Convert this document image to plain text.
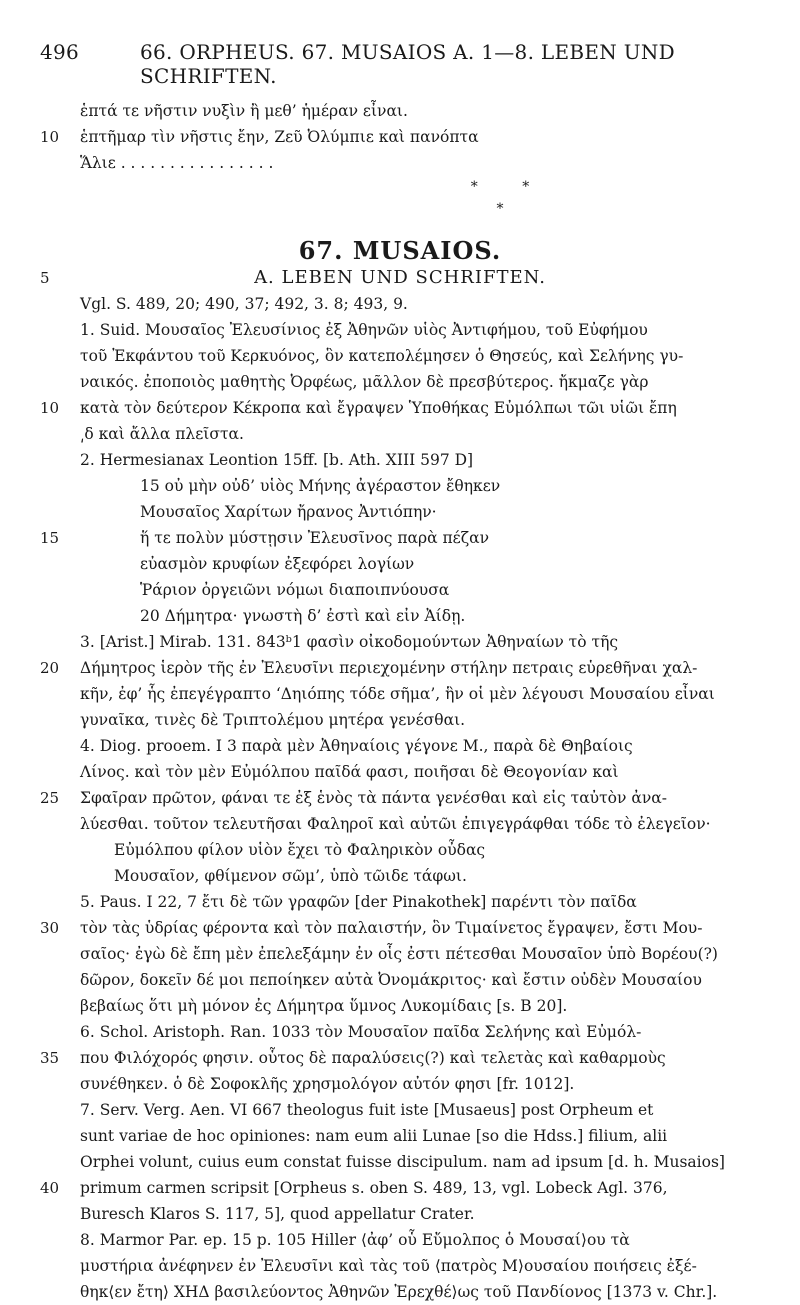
496	66. ORPHEUS. 67. MUSAIOS A. 1—8. LEBEN UND SCHRIFTEN.
ἑπτά τε νῆστιν νυξὶν ἢ μεθ’ ἡμέραν εἶναι.
10	ἑπτῆμαρ τὶν νῆστις ἔην, Ζεῦ Ὀλύμπιε καὶ πανόπτα
Ἅλιε . . . . . . . . . . . . . . . .
*          *
*
67. MUSAIOS.
5	A. LEBEN UND SCHRIFTEN.
Vgl. S. 489, 20; 490, 37; 492, 3. 8; 493, 9.
1. Suid. Μουσαῖος Ἐλευσίνιος ἐξ Ἀθηνῶν υἱὸς Ἀντιφήμου, τοῦ Εὐφήμου
τοῦ Ἐκφάντου τοῦ Κερκυόνος, ὃν κατεπολέμησεν ὁ Θησεύς, καὶ Σελήνης γυ-
ναικός. ἐποποιὸς μαθητὴς Ὀρφέως, μᾶλλον δὲ πρεσβύτερος. ἤκμαζε γὰρ
10	κατὰ τὸν δεύτερον Κέκροπα καὶ ἔγραψεν Ὑποθήκας Εὐμόλπωι τῶι υἱῶι ἔπη
͵δ καὶ ἄλλα πλεῖστα.
2. Hermesianax Leontion 15ff. [b. Ath. XIII 597 D]
15 οὐ μὴν οὐδ’ υἱὸς Μήνης ἀγέραστον ἔθηκεν
Μουσαῖος Χαρίτων ἤρανος Ἀντιόπην·
15	ἥ τε πολὺν μύστῃσιν Ἐλευσῖνος παρὰ πέζαν
εὐασμὸν κρυφίων ἐξεφόρει λογίων
Ῥάριον ὀργειῶνι νόμωι διαποιπνύουσα
20 Δήμητρα· γνωστὴ δ’ ἐστὶ καὶ εἰν Ἀίδῃ.
3. [Arist.] Mirab. 131. 843ᵇ1 φασὶν οἰκοδομούντων Ἀθηναίων τὸ τῆς
20	Δήμητρος ἱερὸν τῆς ἐν Ἐλευσῖνι περιεχομένην στήλην πετραις εὑρεθῆναι χαλ-
κῆν, ἐφ’ ἧς ἐπεγέγραπτο ‘Δηιόπης τόδε σῆμα’, ἣν οἱ μὲν λέγουσι Μουσαίου εἶναι
γυναῖκα, τινὲς δὲ Τριπτολέμου μητέρα γενέσθαι.
4. Diog. prooem. I 3 παρὰ μὲν Ἀθηναίοις γέγονε M., παρὰ δὲ Θηβαίοις
Λίνος. καὶ τὸν μὲν Εὐμόλπου παῖδά φασι, ποιῆσαι δὲ Θεογονίαν καὶ
25	Σφαῖραν πρῶτον, φάναι τε ἐξ ἑνὸς τὰ πάντα γενέσθαι καὶ εἰς ταὐτὸν ἀνα-
λύεσθαι. τοῦτον τελευτῆσαι Φαληροῖ καὶ αὐτῶι ἐπιγεγράφθαι τόδε τὸ ἐλεγεῖον·
Εὐμόλπου φίλον υἱὸν ἔχει τὸ Φαληρικὸν οὖδας
Μουσαῖον, φθίμενον σῶμ’, ὑπὸ τῶιδε τάφωι.
5. Paus. I 22, 7 ἔτι δὲ τῶν γραφῶν [der Pinakothek] παρέντι τὸν παῖδα
30	τὸν τὰς ὑδρίας φέροντα καὶ τὸν παλαιστήν, ὃν Τιμαίνετος ἔγραψεν, ἔστι Μου-
σαῖος· ἐγὼ δὲ ἔπη μὲν ἐπελεξάμην ἐν οἷς ἐστι πέτεσθαι Μουσαῖον ὑπὸ Βορέου(?)
δῶρον, δοκεῖν δέ μοι πεποίηκεν αὐτὰ Ὀνομάκριτος· καὶ ἔστιν οὐδὲν Μουσαίου
βεβαίως ὅτι μὴ μόνον ἐς Δήμητρα ὕμνος Λυκομίδαις [s. B 20].
6. Schol. Aristoph. Ran. 1033 τὸν Μουσαῖον παῖδα Σελήνης καὶ Εὐμόλ-
35	που Φιλόχορός φησιν. οὗτος δὲ παραλύσεις(?) καὶ τελετὰς καὶ καθαρμοὺς
συνέθηκεν. ὁ δὲ Σοφοκλῆς χρησμολόγον αὐτόν φησι [fr. 1012].
7. Serv. Verg. Aen. VI 667 theologus fuit iste [Musaeus] post Orpheum et
sunt variae de hoc opiniones: nam eum alii Lunae [so die Hdss.] filium, alii
Orphei volunt, cuius eum constat fuisse discipulum. nam ad ipsum [d. h. Musaios]
40	primum carmen scripsit [Orpheus s. oben S. 489, 13, vgl. Lobeck Agl. 376,
Buresch Klaros S. 117, 5], quod appellatur Crater.
8. Marmor Par. ep. 15 p. 105 Hiller ⟨ἀφ’ οὗ Εὔμολπος ὁ Μουσαί⟩ου τὰ
μυστήρια ἀνέφηνεν ἐν Ἐλευσῖνι καὶ τὰς τοῦ ⟨πατρὸς Μ⟩ουσαίου ποιήσεις ἐξέ-
θηκ⟨εν ἔτη⟩ ΧΗΔ βασιλεύοντος Ἀθηνῶν Ἐρεχθέ⟩ως τοῦ Πανδίονος [1373 v. Chr.].
